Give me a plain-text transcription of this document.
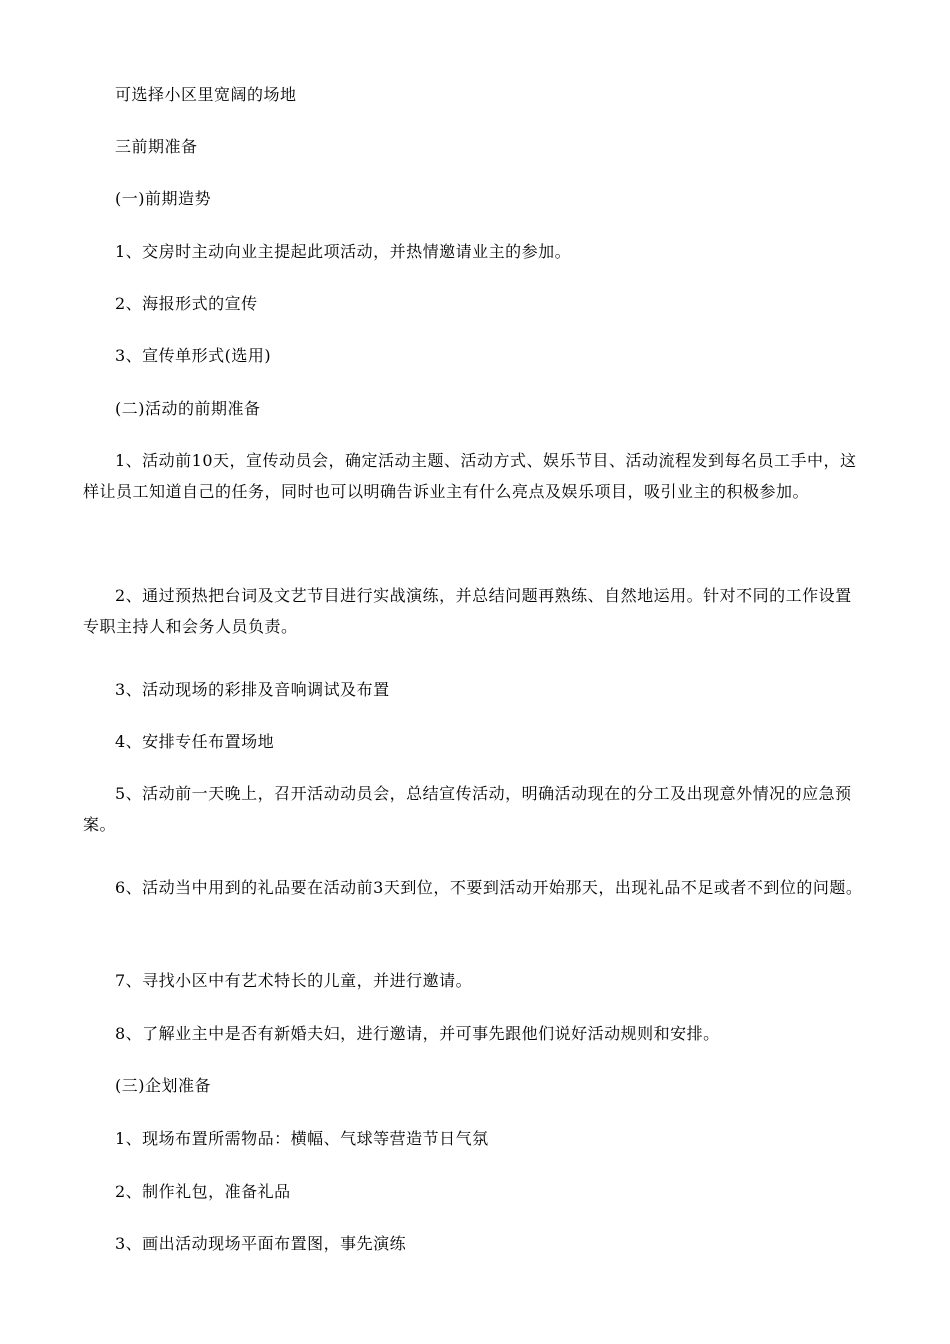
可选择小区里宽阔的场地

三前期准备

(一)前期造势

1、交房时主动向业主提起此项活动，并热情邀请业主的参加。

2、海报形式的宣传

3、宣传单形式(选用)

(二)活动的前期准备

1、活动前10天，宣传动员会，确定活动主题、活动方式、娱乐节目、活动流程发到每名员工手中，这样让员工知道自己的任务，同时也可以明确告诉业主有什么亮点及娱乐项目，吸引业主的积极参加。

2、通过预热把台词及文艺节目进行实战演练，并总结问题再熟练、自然地运用。针对不同的工作设置专职主持人和会务人员负责。

3、活动现场的彩排及音响调试及布置

4、安排专任布置场地

5、活动前一天晚上，召开活动动员会，总结宣传活动，明确活动现在的分工及出现意外情况的应急预案。

6、活动当中用到的礼品要在活动前3天到位，不要到活动开始那天，出现礼品不足或者不到位的问题。

7、寻找小区中有艺术特长的儿童，并进行邀请。

8、了解业主中是否有新婚夫妇，进行邀请，并可事先跟他们说好活动规则和安排。

(三)企划准备

1、现场布置所需物品：横幅、气球等营造节日气氛

2、制作礼包，准备礼品

3、画出活动现场平面布置图，事先演练
